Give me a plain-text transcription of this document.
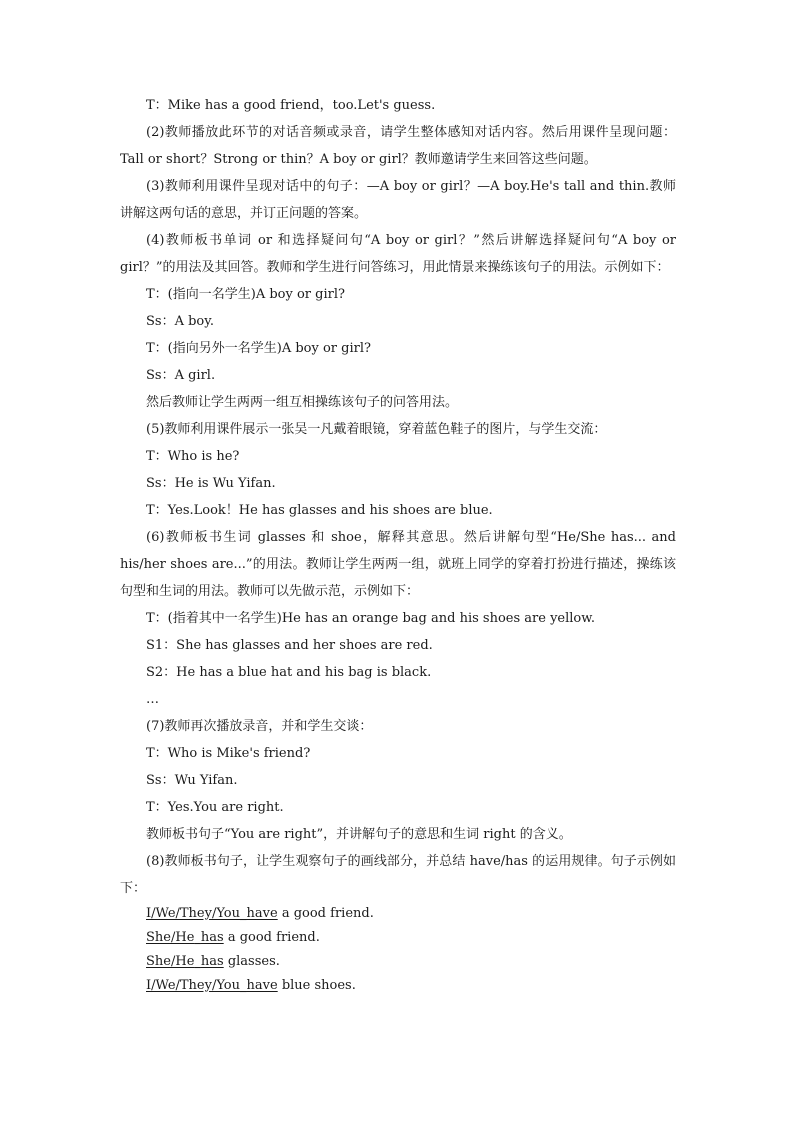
T：Mike has a good friend，too.Let's guess.

(2)教师播放此环节的对话音频或录音，请学生整体感知对话内容。然后用课件呈现问题：Tall or short？Strong or thin？A boy or girl？教师邀请学生来回答这些问题。

(3)教师利用课件呈现对话中的句子：—A boy or girl？—A boy.He's tall and thin.教师讲解这两句话的意思，并订正问题的答案。

(4)教师板书单词 or 和选择疑问句“A boy or girl？”然后讲解选择疑问句“A boy or girl？”的用法及其回答。教师和学生进行问答练习，用此情景来操练该句子的用法。示例如下：

T：(指向一名学生)A boy or girl?

Ss：A boy.

T：(指向另外一名学生)A boy or girl?

Ss：A girl.

然后教师让学生两两一组互相操练该句子的问答用法。

(5)教师利用课件展示一张吴一凡戴着眼镜，穿着蓝色鞋子的图片，与学生交流：

T：Who is he?

Ss：He is Wu Yifan.

T：Yes.Look！He has glasses and his shoes are blue.

(6)教师板书生词 glasses 和 shoe，解释其意思。然后讲解句型“He/She has... and his/her shoes are...”的用法。教师让学生两两一组，就班上同学的穿着打扮进行描述，操练该句型和生词的用法。教师可以先做示范，示例如下：

T：(指着其中一名学生)He has an orange bag and his shoes are yellow.

S1：She has glasses and her shoes are red.

S2：He has a blue hat and his bag is black.

…

(7)教师再次播放录音，并和学生交谈：

T：Who is Mike's friend?

Ss：Wu Yifan.

T：Yes.You are right.

教师板书句子“You are right”，并讲解句子的意思和生词 right 的含义。

(8)教师板书句子，让学生观察句子的画线部分，并总结 have/has 的运用规律。句子示例如下：

I/We/They/You_have a good friend.

She/He_has a good friend.

She/He_has glasses.

I/We/They/You_have blue shoes.
